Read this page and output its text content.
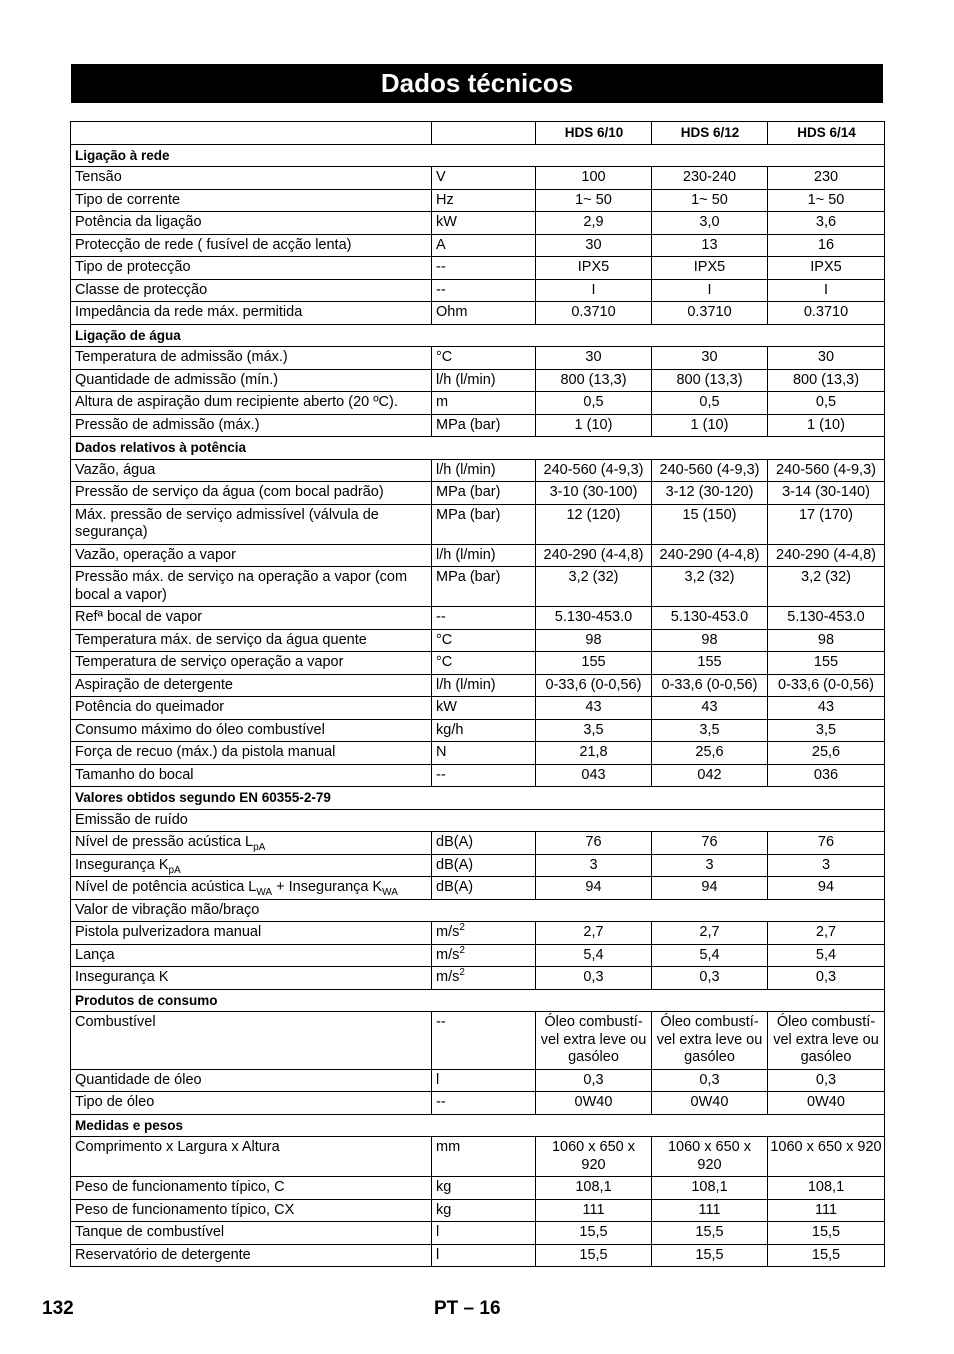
Dados técnicos
		HDS 6/10	HDS 6/12	HDS 6/14
Ligação à rede				
Tensão	V	100	230-240	230
Tipo de corrente	Hz	1~ 50	1~ 50	1~ 50
Potência da ligação	kW	2,9	3,0	3,6
Protecção de rede ( fusível de acção lenta)	A	30	13	16
Tipo de protecção	--	IPX5	IPX5	IPX5
Classe de protecção	--	I	I	I
Impedância da rede máx. permitida	Ohm	0.3710	0.3710	0.3710
Ligação de água				
Temperatura de admissão (máx.)	°C	30	30	30
Quantidade de admissão (mín.)	l/h (l/min)	800 (13,3)	800 (13,3)	800 (13,3)
Altura de aspiração dum recipiente aberto (20 ºC).	m	0,5	0,5	0,5
Pressão de admissão (máx.)	MPa (bar)	1 (10)	1 (10)	1 (10)
Dados relativos à potência				
Vazão, água	l/h (l/min)	240-560 (4-9,3)	240-560 (4-9,3)	240-560 (4-9,3)
Pressão de serviço da água (com bocal padrão)	MPa (bar)	3-10 (30-100)	3-12 (30-120)	3-14 (30-140)
Máx. pressão de serviço admissível (válvula de segurança)	MPa (bar)	12 (120)	15 (150)	17 (170)
Vazão, operação a vapor	l/h (l/min)	240-290 (4-4,8)	240-290 (4-4,8)	240-290 (4-4,8)
Pressão máx. de serviço na operação a vapor (com bocal a vapor)	MPa (bar)	3,2 (32)	3,2 (32)	3,2 (32)
Refª bocal de vapor	--	5.130-453.0	5.130-453.0	5.130-453.0
Temperatura máx. de serviço da água quente	°C	98	98	98
Temperatura de serviço operação a vapor	°C	155	155	155
Aspiração de detergente	l/h (l/min)	0-33,6 (0-0,56)	0-33,6 (0-0,56)	0-33,6 (0-0,56)
Potência do queimador	kW	43	43	43
Consumo máximo do óleo combustível	kg/h	3,5	3,5	3,5
Força de recuo (máx.) da pistola manual	N	21,8	25,6	25,6
Tamanho do bocal	--	043	042	036
Valores obtidos segundo EN 60355-2-79				
Emissão de ruído				
Nível de pressão acústica $L_{pA}$	dB(A)	76	76	76
Insegurança $K_{pA}$	dB(A)	3	3	3
Nível de potência acústica $L_{WA}$ + Insegurança $K_{WA}$	dB(A)	94	94	94
Valor de vibração mão/braço				
Pistola pulverizadora manual	$m/s^2$	2,7	2,7	2,7
Lança	$m/s^2$	5,4	5,4	5,4
Insegurança K	$m/s^2$	0,3	0,3	0,3
Produtos de consumo				
Combustível	--	Óleo combustí-vel extra leve ou gasóleo	Óleo combustí-vel extra leve ou gasóleo	Óleo combustí-vel extra leve ou gasóleo
Quantidade de óleo	l	0,3	0,3	0,3
Tipo de óleo	--	0W40	0W40	0W40
Medidas e pesos				
Comprimento x Largura x Altura	mm	1060 x 650 x 920	1060 x 650 x 920	1060 x 650 x 920
Peso de funcionamento típico, C	kg	108,1	108,1	108,1
Peso de funcionamento típico, CX	kg	111	111	111
Tanque de combustível	l	15,5	15,5	15,5
Reservatório de detergente	l	15,5	15,5	15,5
132	PT – 16
